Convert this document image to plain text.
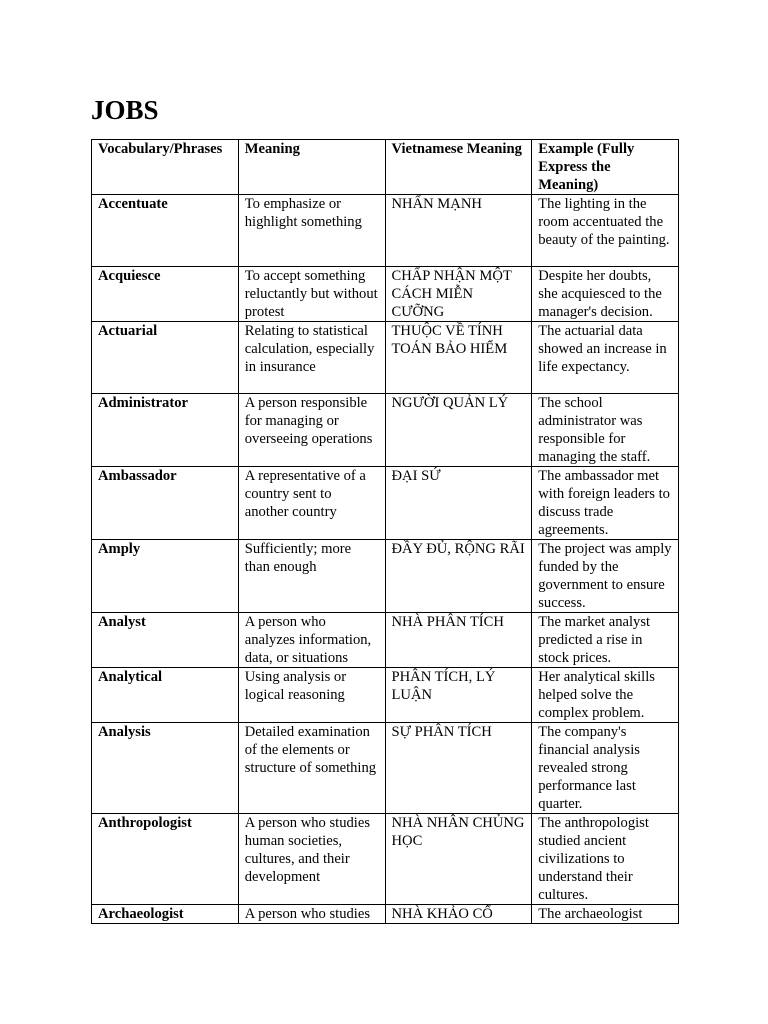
JOBS
Vocabulary/Phrases	Meaning	Vietnamese Meaning	Example (Fully Express the Meaning)
Accentuate	To emphasize or highlight something	NHẤN MẠNH	The lighting in the room accentuated the beauty of the painting.
Acquiesce	To accept something reluctantly but without protest	CHẤP NHẬN MỘT CÁCH MIỄN CƯỠNG	Despite her doubts, she acquiesced to the manager's decision.
Actuarial	Relating to statistical calculation, especially in insurance	THUỘC VỀ TÍNH TOÁN BẢO HIỂM	The actuarial data showed an increase in life expectancy.
Administrator	A person responsible for managing or overseeing operations	NGƯỜI QUẢN LÝ	The school administrator was responsible for managing the staff.
Ambassador	A representative of a country sent to another country	ĐẠI SỨ	The ambassador met with foreign leaders to discuss trade agreements.
Amply	Sufficiently; more than enough	ĐẦY ĐỦ, RỘNG RÃI	The project was amply funded by the government to ensure success.
Analyst	A person who analyzes information, data, or situations	NHÀ PHÂN TÍCH	The market analyst predicted a rise in stock prices.
Analytical	Using analysis or logical reasoning	PHÂN TÍCH, LÝ LUẬN	Her analytical skills helped solve the complex problem.
Analysis	Detailed examination of the elements or structure of something	SỰ PHÂN TÍCH	The company's financial analysis revealed strong performance last quarter.
Anthropologist	A person who studies human societies, cultures, and their development	NHÀ NHÂN CHỦNG HỌC	The anthropologist studied ancient civilizations to understand their cultures.
Archaeologist	A person who studies	NHÀ KHẢO CỔ	The archaeologist
